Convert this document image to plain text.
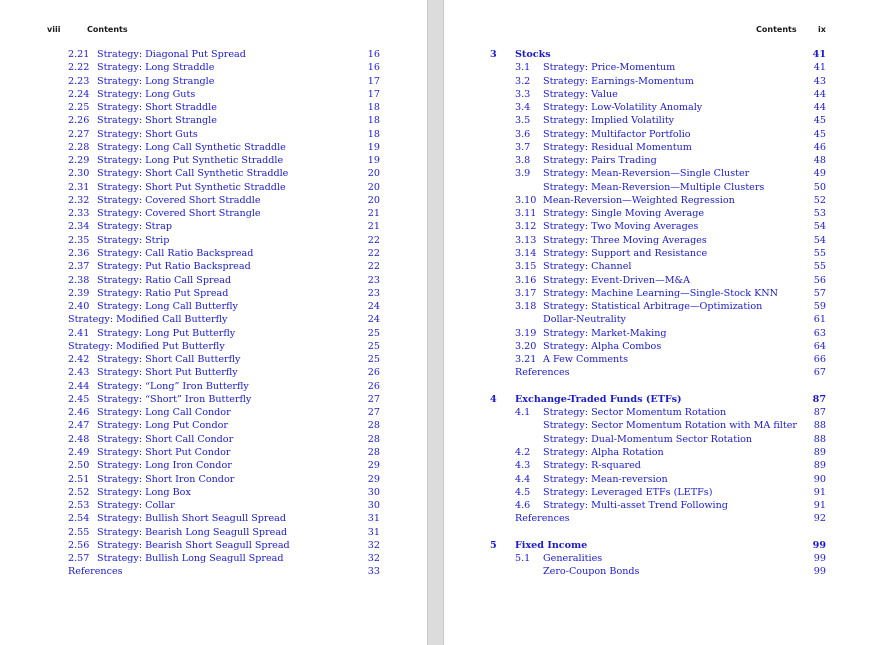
viii	Contents
2.21 Strategy: Diagonal Put Spread	16
2.22 Strategy: Long Straddle	16
2.23 Strategy: Long Strangle	17
2.24 Strategy: Long Guts	17
2.25 Strategy: Short Straddle	18
2.26 Strategy: Short Strangle	18
2.27 Strategy: Short Guts	18
2.28 Strategy: Long Call Synthetic Straddle	19
2.29 Strategy: Long Put Synthetic Straddle	19
2.30 Strategy: Short Call Synthetic Straddle	20
2.31 Strategy: Short Put Synthetic Straddle	20
2.32 Strategy: Covered Short Straddle	20
2.33 Strategy: Covered Short Strangle	21
2.34 Strategy: Strap	21
2.35 Strategy: Strip	22
2.36 Strategy: Call Ratio Backspread	22
2.37 Strategy: Put Ratio Backspread	22
2.38 Strategy: Ratio Call Spread	23
2.39 Strategy: Ratio Put Spread	23
2.40 Strategy: Long Call Butterfly	24
Strategy: Modified Call Butterfly	24
2.41 Strategy: Long Put Butterfly	25
Strategy: Modified Put Butterfly	25
2.42 Strategy: Short Call Butterfly	25
2.43 Strategy: Short Put Butterfly	26
2.44 Strategy: “Long” Iron Butterfly	26
2.45 Strategy: “Short” Iron Butterfly	27
2.46 Strategy: Long Call Condor	27
2.47 Strategy: Long Put Condor	28
2.48 Strategy: Short Call Condor	28
2.49 Strategy: Short Put Condor	28
2.50 Strategy: Long Iron Condor	29
2.51 Strategy: Short Iron Condor	29
2.52 Strategy: Long Box	30
2.53 Strategy: Collar	30
2.54 Strategy: Bullish Short Seagull Spread	31
2.55 Strategy: Bearish Long Seagull Spread	31
2.56 Strategy: Bearish Short Seagull Spread	32
2.57 Strategy: Bullish Long Seagull Spread	32
References	33
Contents	ix
3 Stocks	41
3.1 Strategy: Price-Momentum	41
3.2 Strategy: Earnings-Momentum	43
3.3 Strategy: Value	44
3.4 Strategy: Low-Volatility Anomaly	44
3.5 Strategy: Implied Volatility	45
3.6 Strategy: Multifactor Portfolio	45
3.7 Strategy: Residual Momentum	46
3.8 Strategy: Pairs Trading	48
3.9 Strategy: Mean-Reversion—Single Cluster	49
Strategy: Mean-Reversion—Multiple Clusters	50
3.10 Mean-Reversion—Weighted Regression	52
3.11 Strategy: Single Moving Average	53
3.12 Strategy: Two Moving Averages	54
3.13 Strategy: Three Moving Averages	54
3.14 Strategy: Support and Resistance	55
3.15 Strategy: Channel	55
3.16 Strategy: Event-Driven—M&A	56
3.17 Strategy: Machine Learning—Single-Stock KNN	57
3.18 Strategy: Statistical Arbitrage—Optimization	59
Dollar-Neutrality	61
3.19 Strategy: Market-Making	63
3.20 Strategy: Alpha Combos	64
3.21 A Few Comments	66
References	67
4 Exchange-Traded Funds (ETFs)	87
4.1 Strategy: Sector Momentum Rotation	87
Strategy: Sector Momentum Rotation with MA filter	88
Strategy: Dual-Momentum Sector Rotation	88
4.2 Strategy: Alpha Rotation	89
4.3 Strategy: R-squared	89
4.4 Strategy: Mean-reversion	90
4.5 Strategy: Leveraged ETFs (LETFs)	91
4.6 Strategy: Multi-asset Trend Following	91
References	92
5 Fixed Income	99
5.1 Generalities	99
Zero-Coupon Bonds	99
